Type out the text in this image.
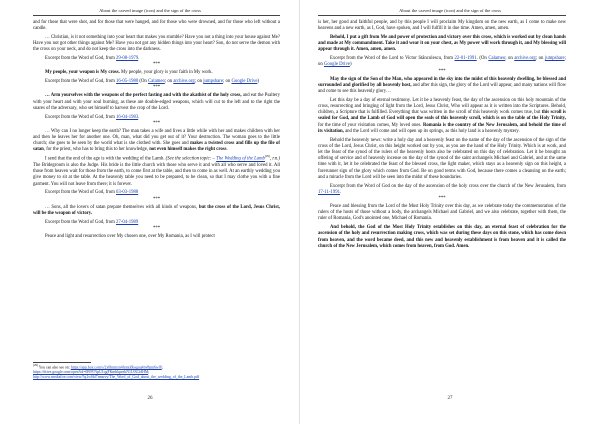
About the carved image (icon) and the sign of the cross

and for those that were shot, and for those that were hanged, and for those who were drowned, and for those who left without a candle.

… Christian, is it not something into your heart that makes you stumble? Have you not a thing into your house against Me? Have you not got other things against Me? Have you not got any hidden things into your heart? Son, do not serve the demon with the cross on your neck, and do not keep the cross into the darkness.

Excerpt from the Word of God, from 29-08-1979.

***

My people, your weapon is My cross. My people, your glory is your faith in My work.

Excerpt from the Word of God, from 16-05-1980 (On Calameo; on archive.org; on jumpshare; on Google Drive)

***

… Arm yourselves with the weapons of the perfect fasting and with the akathist of the holy cross, and eat the Psaltery with your heart and with your soul burning, as these are double-edged weapons, which will cut to the left and to the right the snares of the adversary, who set himself to harvest the crop of the Lord.

Excerpt from the Word of God, from 16-04-1983.

***

… Why can I no longer keep the earth? The man takes a wife and lives a little while with her and makes children with her and then he leaves her for another one. Oh, man, what did you get out of it? Your destruction. The woman goes to the little church; she goes to be seen by the world what is she clothed with. She goes and makes a twisted cross and fills up the file of satan, for the priest, who has to bring this to her knowledge, not even himself makes the right cross.

I send that the end of the age is with the wedding of the Lamb. (See the selection topic: – The Wedding of the Lamb$^{(29)}$, r.n.) The Bridegroom is also the Judge. His bride is the little church with those who serve it and with all who serve and loved it. All those from heaven wait for those from the earth, to come first at the table, and then to come in as well. At an earthly wedding you give money to sit at the table. At the heavenly table you need to be prepared, to be clean, so that I may clothe you with a fine garment. You will not leave from there; it is forever.

Excerpt from the Word of God, from 03-03-1988

***

… Sons, all the lovers of satan prepare themselves with all kinds of weapons, but the cross of the Lord, Jesus Christ, will be the weapon of victory.

Excerpt from the Word of God, from 27-04-1989

***

Peace and light and resurrection over My chosen one, over My Romania, as I will protect

$^{(29)}$ You can also see on: https://app.box.com/s/2x0hnmxn4hrnzj6baguq4nv8pm6wl6;
https://drive.google.com/open?id=0B9VNpU1qgFKmbkpzekN1U0U2dHM;
http://www.mediafire.com/view/5q2w6bl7nmuvy/The_Word_of_God_about_the_wedding_of_the_Lamb.pdf
26
About the carved image (icon) and the sign of the cross

is her, her good and faithful people, and by this people I will proclaim My kingdom on the new earth, as I come to make new heavens and a new earth, as I, God, have spoken, and I will fulfill it in due time. Amen, amen, amen.

Behold, I put a gift from Me and power of protection and victory over this cross, which is worked out by clean hands and made at My commandment. Take it and wear it on your chest, as My power will work through it, and My blessing will appear through it. Amen, amen, amen.

Excerpt from the Word of the Lord to Victor Stănculescu, from 22-01-1991. (On Calameo; on archive.org; on jumpshare; on Google Drive)

***

May the sign of the Son of the Man, who appeared in the sky into the midst of this heavenly dwelling, be blessed and surrounded and glorified by all heavenly host, and after this sign, the glory of the Lord will appear, and many nations will flow and come to see this heavenly glory…

Let this day be a day of eternal testimony. Let it be a heavenly feast, the day of the ascension on this holy mountain of the cross, resurrecting and bringing of light from the Lord, Jesus Christ, Who will appear as it is written into the Scriptures. Behold, children, a Scripture that is fulfilled. Everything that was written in the scroll of this heavenly work comes true, but this scroll is sealed for God, and the Lamb of God will open the seals of this heavenly scroll, which is on the table of the Holy Trinity, for the time of your visitation comes, My loved ones. Romania is the country of the New Jerusalem, and behold the time of its visitation, and the Lord will come and will open up its springs, as this holy land is a heavenly mystery.

Behold the heavenly news: write a holy day and a heavenly feast on the name of the day of the ascension of the sign of the cross of the Lord, Jesus Christ, on this height worked out by you, as you are the hand of the Holy Trinity. Which is at work, and let the feast of the synod of the rulers of the heavenly hosts also be celebrated on this day of celebration. Let it be brought an offering of service and of heavenly incense on the day of the synod of the saint archangels Michael and Gabriel, and at the same time with it, let it be celebrated the feast of the blessed cross, the light maker, which stays as a heavenly sign on this height, a forerunner sign of the glory which comes from God. Be on good terms with God, because there comes a cleansing on the earth; and a miracle from the Lord will be seen into the midst of these boundaries.

Excerpt from the Word of God on the day of the ascension of the holy cross over the church of the New Jerusalem, from 17-11-1991.

***

Peace and blessing from the Lord of the Most Holy Trinity over this day, as we celebrate today the commemoration of the rulers of the hosts of those without a body, the archangels Michael and Gabriel, and we also celebrate, together with them, the ruler of Romania, God's anointed one, Michael of Romania.

And behold, the God of the Most Holy Trinity establishes on this day, an eternal feast of celebration for the ascension of the holy and resurrection making cross, which was set during these days on this stone, which has come down from heaven, and the word became deed, and this new and heavenly establishment is from heaven and it is called the church of the New Jerusalem, which comes from heaven, from God. Amen.

27
